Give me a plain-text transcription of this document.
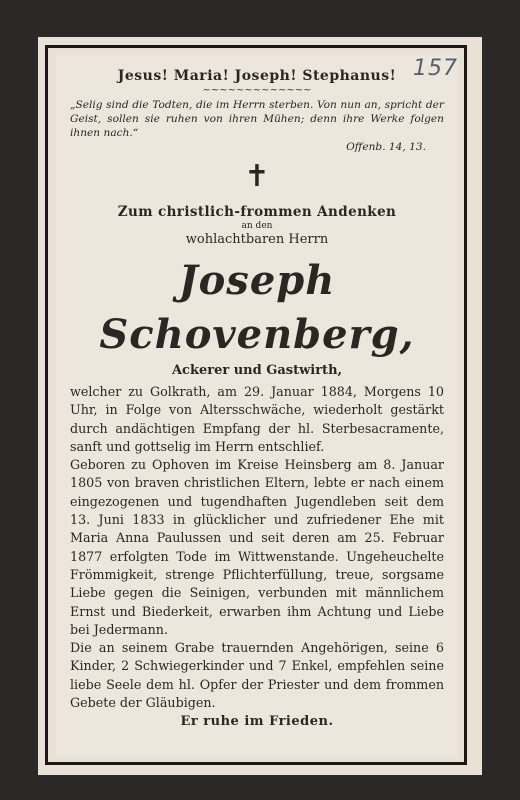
157
Jesus! Maria! Joseph! Stephanus!
~~~~~~~~~~~~~
„Selig sind die Todten, die im Herrn sterben. Von nun an, spricht der Geist, sollen sie ruhen von ihren Mühen; denn ihre Werke folgen ihnen nach.“
Offenb. 14, 13.
✝
Zum christlich-frommen Andenken
an den
wohlachtbaren Herrn
Joseph Schovenberg,
Ackerer und Gastwirth,

welcher zu Golkrath, am 29. Januar 1884, Morgens 10 Uhr, in Folge von Altersschwäche, wiederholt gestärkt durch andächtigen Empfang der hl. Sterbesacramente, sanft und gottselig im Herrn entschlief.

Geboren zu Ophoven im Kreise Heinsberg am 8. Januar 1805 von braven christlichen Eltern, lebte er nach einem eingezogenen und tugendhaften Jugendleben seit dem 13. Juni 1833 in glücklicher und zufriedener Ehe mit Maria Anna Paulussen und seit deren am 25. Februar 1877 erfolgten Tode im Wittwenstande. Ungeheuchelte Frömmigkeit, strenge Pflichterfüllung, treue, sorgsame Liebe gegen die Seinigen, verbunden mit männlichem Ernst und Biederkeit, erwarben ihm Achtung und Liebe bei Jedermann.

Die an seinem Grabe trauernden Angehörigen, seine 6 Kinder, 2 Schwiegerkinder und 7 Enkel, empfehlen seine liebe Seele dem hl. Opfer der Priester und dem frommen Gebete der Gläubigen.

Er ruhe im Frieden.
